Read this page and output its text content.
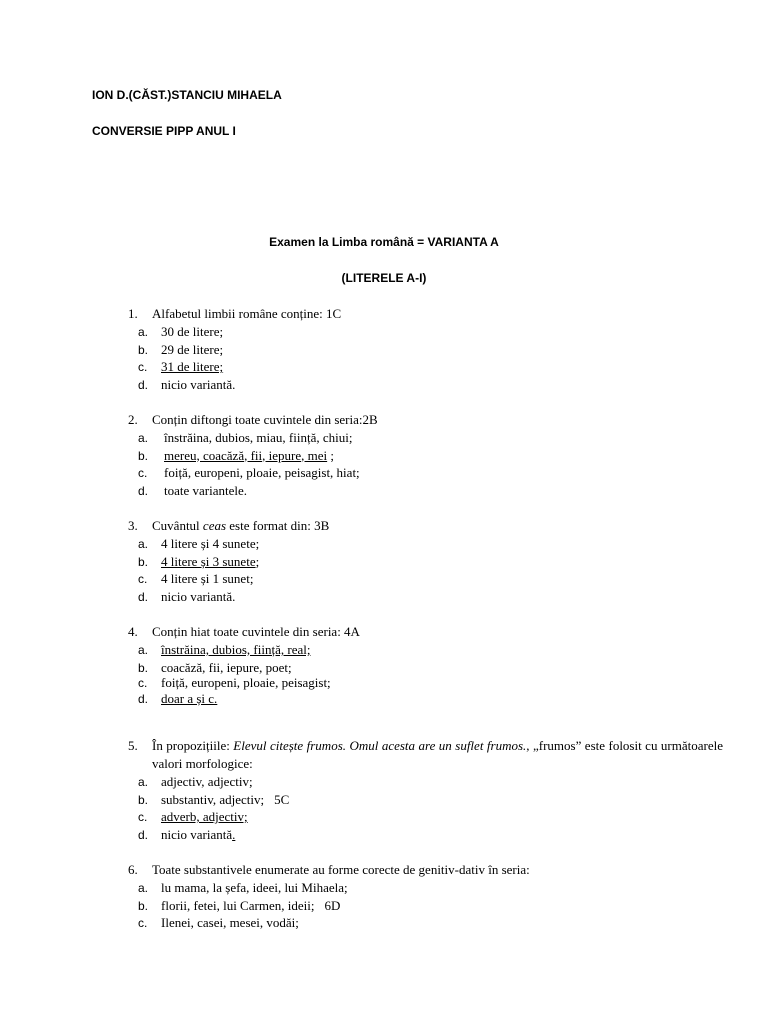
ION D.(CĂST.)STANCIU MIHAELA
CONVERSIE PIPP ANUL I
Examen la Limba română = VARIANTA A
(LITERELE A-I)
1. Alfabetul limbii române conține: 1C
a. 30 de litere;
b. 29 de litere;
c. 31 de litere;
d. nicio variantă.
2. Conțin diftongi toate cuvintele din seria:2B
a. înstrăina, dubios, miau, ființă, chiui;
b. mereu, coacăză, fii, iepure, mei ;
c. foiță, europeni, ploaie, peisagist, hiat;
d. toate variantele.
3. Cuvântul ceas este format din: 3B
a. 4 litere și 4 sunete;
b. 4 litere și 3 sunete;
c. 4 litere și 1 sunet;
d. nicio variantă.
4. Conțin hiat toate cuvintele din seria: 4A
a. înstrăina, dubios, ființă, real;
b. coacăză, fii, iepure, poet;
c. foiță, europeni, ploaie, peisagist;
d. doar a și c.
5. În propozițiile: Elevul citește frumos. Omul acesta are un suflet frumos., „frumos” este folosit cu următoarele valori morfologice:
a. adjectiv, adjectiv;
b. substantiv, adjectiv; 5C
c. adverb, adjectiv;
d. nicio variantă.
6. Toate substantivele enumerate au forme corecte de genitiv-dativ în seria:
a. lu mama, la șefa, ideei, lui Mihaela;
b. florii, fetei, lui Carmen, ideii; 6D
c. Ilenei, casei, mesei, vodăi;
